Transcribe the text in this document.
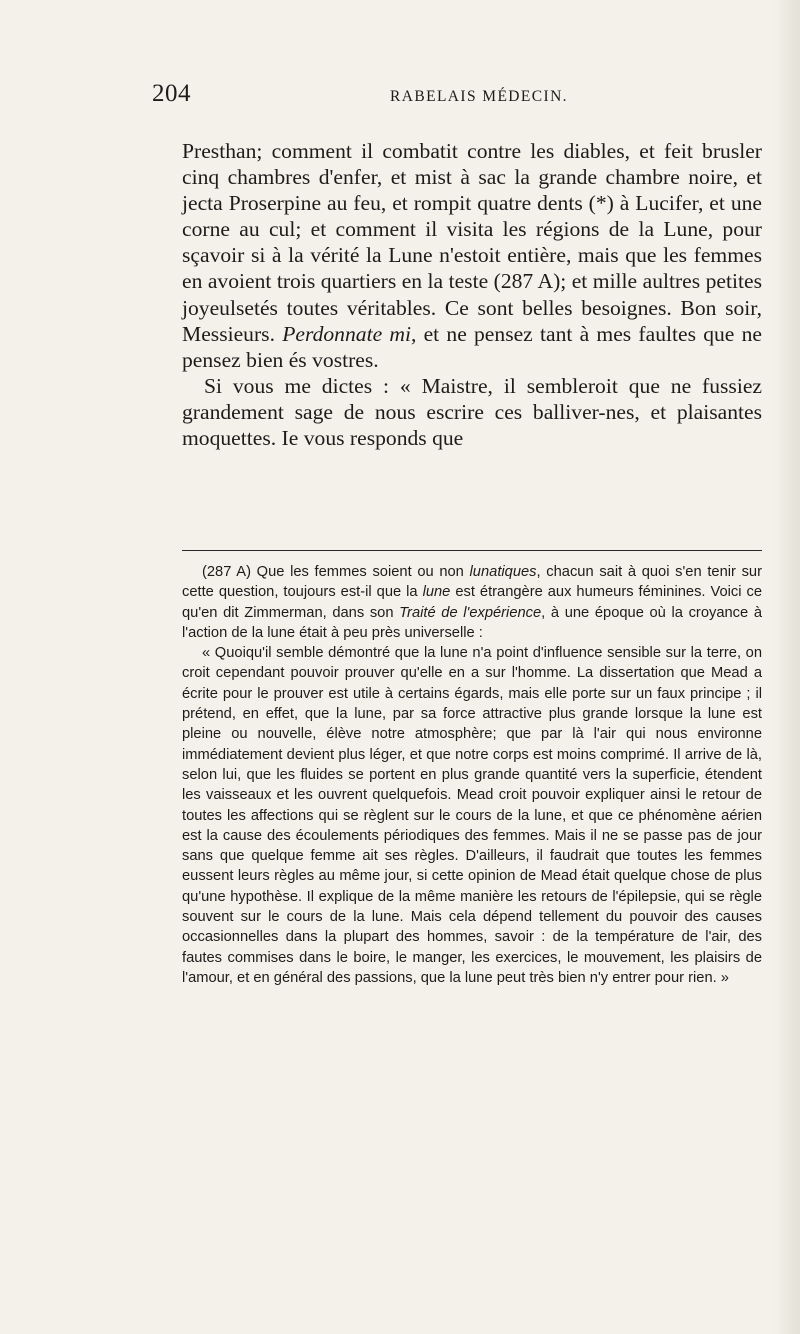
204	RABELAIS MÉDECIN.

Presthan; comment il combatit contre les diables, et feit brusler cinq chambres d'enfer, et mist à sac la grande chambre noire, et jecta Proserpine au feu, et rompit quatre dents (*) à Lucifer, et une corne au cul; et comment il visita les régions de la Lune, pour sçavoir si à la vérité la Lune n'estoit entière, mais que les femmes en avoient trois quartiers en la teste (287 A); et mille aultres petites joyeulsetés toutes véritables. Ce sont belles besoignes. Bon soir, Messieurs. Perdonnate mi, et ne pensez tant à mes faultes que ne pensez bien és vostres.

Si vous me dictes : « Maistre, il sembleroit que ne fussiez grandement sage de nous escrire ces balliver-nes, et plaisantes moquettes. Ie vous responds que

(287 A) Que les femmes soient ou non lunatiques, chacun sait à quoi s'en tenir sur cette question, toujours est-il que la lune est étrangère aux humeurs féminines. Voici ce qu'en dit Zimmerman, dans son Traité de l'expérience, à une époque où la croyance à l'action de la lune était à peu près universelle :

« Quoiqu'il semble démontré que la lune n'a point d'influence sensible sur la terre, on croit cependant pouvoir prouver qu'elle en a sur l'homme. La dissertation que Mead a écrite pour le prouver est utile à certains égards, mais elle porte sur un faux principe ; il prétend, en effet, que la lune, par sa force attractive plus grande lorsque la lune est pleine ou nouvelle, élève notre atmosphère; que par là l'air qui nous environne immédiatement devient plus léger, et que notre corps est moins comprimé. Il arrive de là, selon lui, que les fluides se portent en plus grande quantité vers la superficie, étendent les vaisseaux et les ouvrent quelquefois. Mead croit pouvoir expliquer ainsi le retour de toutes les affections qui se règlent sur le cours de la lune, et que ce phénomène aérien est la cause des écoulements périodiques des femmes. Mais il ne se passe pas de jour sans que quelque femme ait ses règles. D'ailleurs, il faudrait que toutes les femmes eussent leurs règles au même jour, si cette opinion de Mead était quelque chose de plus qu'une hypothèse. Il explique de la même manière les retours de l'épilepsie, qui se règle souvent sur le cours de la lune. Mais cela dépend tellement du pouvoir des causes occasionnelles dans la plupart des hommes, savoir : de la température de l'air, des fautes commises dans le boire, le manger, les exercices, le mouvement, les plaisirs de l'amour, et en général des passions, que la lune peut très bien n'y entrer pour rien. »
